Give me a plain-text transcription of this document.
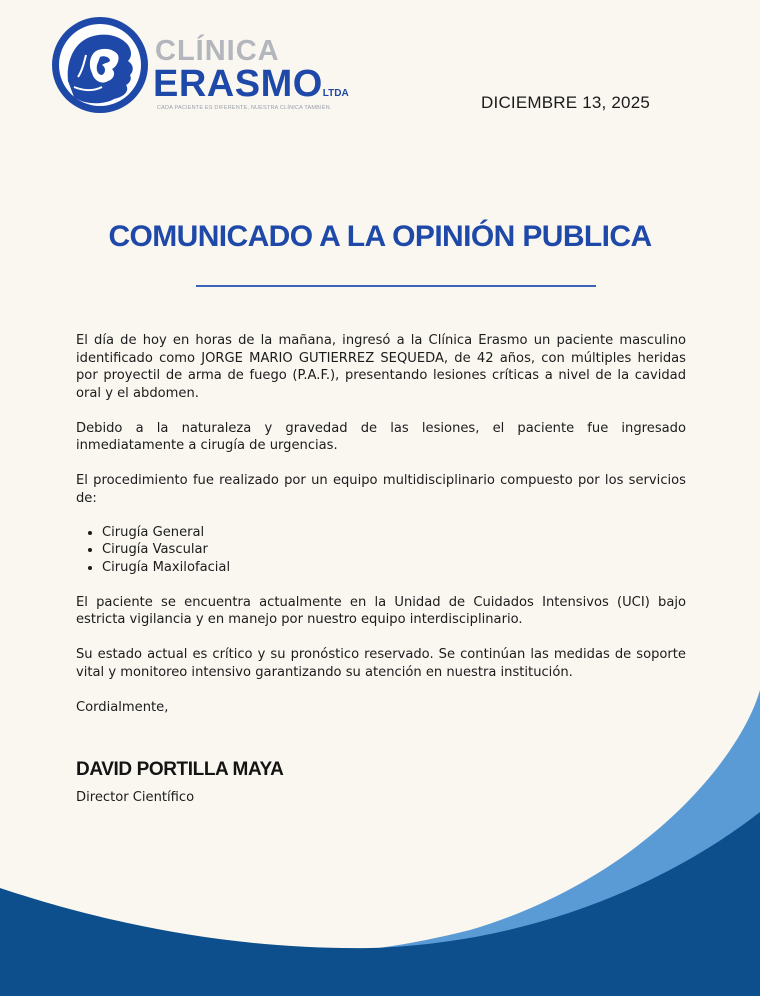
CLÍNICA
ERASMOLTDA
CADA PACIENTE ES DIFERENTE, NUESTRA CLÍNICA TAMBIÉN.	DICIEMBRE 13, 2025
COMUNICADO A LA OPINIÓN PUBLICA

El día de hoy en horas de la mañana, ingresó a la Clínica Erasmo un paciente masculino identificado como JORGE MARIO GUTIERREZ SEQUEDA, de 42 años, con múltiples heridas por proyectil de arma de fuego (P.A.F.), presentando lesiones críticas a nivel de la cavidad oral y el abdomen.

Debido a la naturaleza y gravedad de las lesiones, el paciente fue ingresado inmediatamente a cirugía de urgencias.

El procedimiento fue realizado por un equipo multidisciplinario compuesto por los servicios de:

• Cirugía General
• Cirugía Vascular
• Cirugía Maxilofacial

El paciente se encuentra actualmente en la Unidad de Cuidados Intensivos (UCI) bajo estricta vigilancia y en manejo por nuestro equipo interdisciplinario.

Su estado actual es crítico y su pronóstico reservado. Se continúan las medidas de soporte vital y monitoreo intensivo garantizando su atención en nuestra institución.

Cordialmente,

DAVID PORTILLA MAYA
Director Científico
